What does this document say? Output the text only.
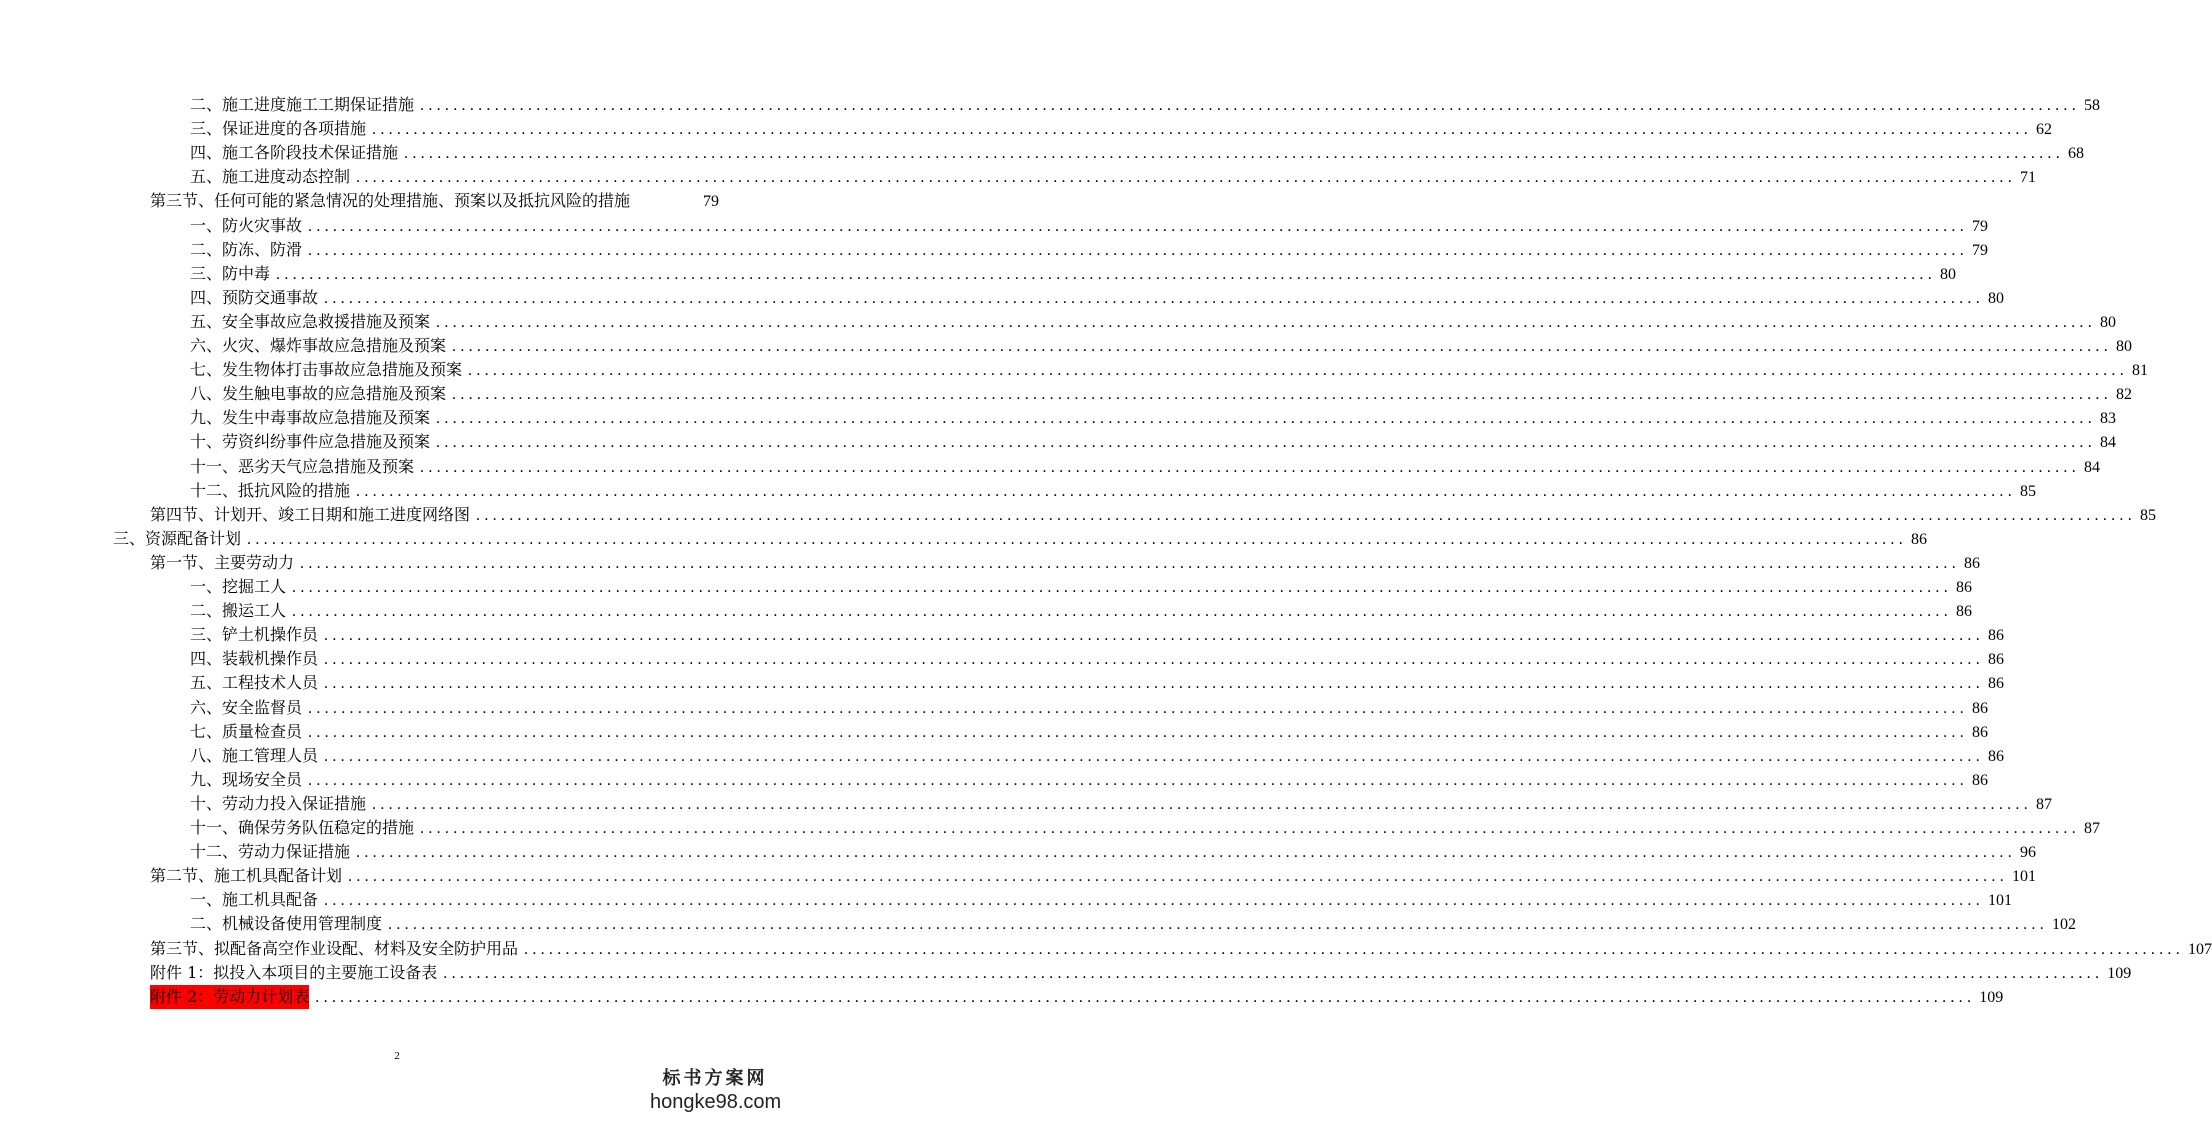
二、施工进度施工工期保证措施 ........................................................................................................................................................................................................ 58
三、保证进度的各项措施 ........................................................................................................................................................................................................ 62
四、施工各阶段技术保证措施 ........................................................................................................................................................................................................ 68
五、施工进度动态控制 ........................................................................................................................................................................................................ 71
第三节、任何可能的紧急情况的处理措施、预案以及抵抗风险的措施	79
一、防火灾事故 ........................................................................................................................................................................................................ 79
二、防冻、防滑 ........................................................................................................................................................................................................ 79
三、防中毒 ........................................................................................................................................................................................................ 80
四、预防交通事故 ........................................................................................................................................................................................................ 80
五、安全事故应急救援措施及预案 ........................................................................................................................................................................................................ 80
六、火灾、爆炸事故应急措施及预案 ........................................................................................................................................................................................................ 80
七、发生物体打击事故应急措施及预案 ........................................................................................................................................................................................................ 81
八、发生触电事故的应急措施及预案 ........................................................................................................................................................................................................ 82
九、发生中毒事故应急措施及预案 ........................................................................................................................................................................................................ 83
十、劳资纠纷事件应急措施及预案 ........................................................................................................................................................................................................ 84
十一、恶劣天气应急措施及预案 ........................................................................................................................................................................................................ 84
十二、抵抗风险的措施 ........................................................................................................................................................................................................ 85
第四节、计划开、竣工日期和施工进度网络图 ........................................................................................................................................................................................................ 85
三、资源配备计划 ........................................................................................................................................................................................................ 86
第一节、主要劳动力 ........................................................................................................................................................................................................ 86
一、挖掘工人 ........................................................................................................................................................................................................ 86
二、搬运工人 ........................................................................................................................................................................................................ 86
三、铲土机操作员 ........................................................................................................................................................................................................ 86
四、装载机操作员 ........................................................................................................................................................................................................ 86
五、工程技术人员 ........................................................................................................................................................................................................ 86
六、安全监督员 ........................................................................................................................................................................................................ 86
七、质量检查员 ........................................................................................................................................................................................................ 86
八、施工管理人员 ........................................................................................................................................................................................................ 86
九、现场安全员 ........................................................................................................................................................................................................ 86
十、劳动力投入保证措施 ........................................................................................................................................................................................................ 87
十一、确保劳务队伍稳定的措施 ........................................................................................................................................................................................................ 87
十二、劳动力保证措施 ........................................................................................................................................................................................................ 96
第二节、施工机具配备计划 ........................................................................................................................................................................................................ 101
一、施工机具配备 ........................................................................................................................................................................................................ 101
二、机械设备使用管理制度 ........................................................................................................................................................................................................ 102
第三节、拟配备高空作业设配、材料及安全防护用品 ........................................................................................................................................................................................................ 107
附件 1：拟投入本项目的主要施工设备表 ........................................................................................................................................................................................................ 109
附件 2：劳动力计划表 ........................................................................................................................................................................................................ 109
2
标书方案网
hongke98.com
